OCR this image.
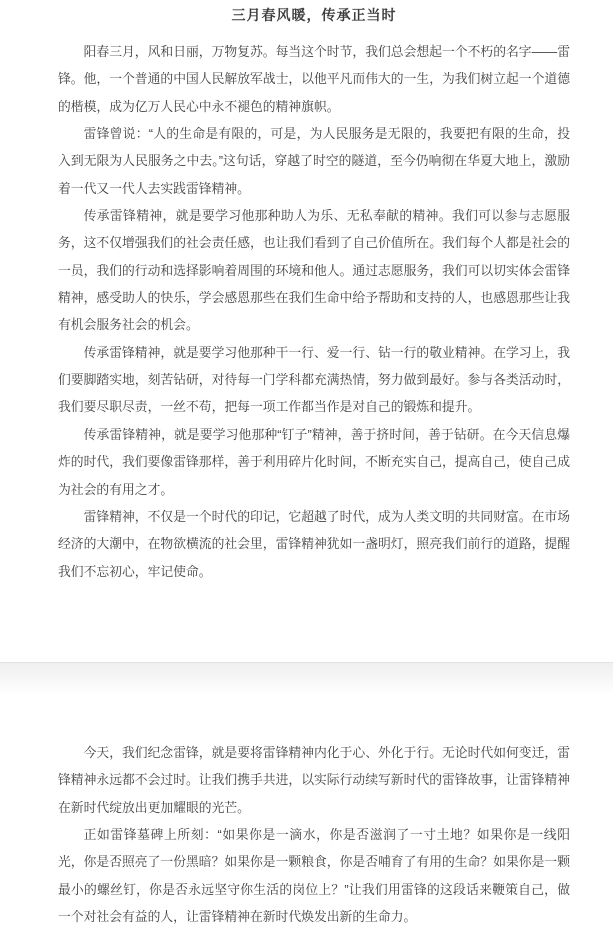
三月春风暖，传承正当时

阳春三月，风和日丽，万物复苏。每当这个时节，我们总会想起一个不朽的名字——雷锋。他，一个普通的中国人民解放军战士，以他平凡而伟大的一生，为我们树立起一个道德的楷模，成为亿万人民心中永不褪色的精神旗帜。

雷锋曾说：“人的生命是有限的，可是，为人民服务是无限的，我要把有限的生命，投入到无限为人民服务之中去。”这句话，穿越了时空的隧道，至今仍响彻在华夏大地上，激励着一代又一代人去实践雷锋精神。

传承雷锋精神，就是要学习他那种助人为乐、无私奉献的精神。我们可以参与志愿服务，这不仅增强我们的社会责任感，也让我们看到了自己价值所在。我们每个人都是社会的一员，我们的行动和选择影响着周围的环境和他人。通过志愿服务，我们可以切实体会雷锋精神，感受助人的快乐，学会感恩那些在我们生命中给予帮助和支持的人，也感恩那些让我有机会服务社会的机会。

传承雷锋精神，就是要学习他那种干一行、爱一行、钻一行的敬业精神。在学习上，我们要脚踏实地，刻苦钻研，对待每一门学科都充满热情，努力做到最好。参与各类活动时，我们要尽职尽责，一丝不苟，把每一项工作都当作是对自己的锻炼和提升。

传承雷锋精神，就是要学习他那种“钉子”精神，善于挤时间，善于钻研。在今天信息爆炸的时代，我们要像雷锋那样，善于利用碎片化时间，不断充实自己，提高自己，使自己成为社会的有用之才。

雷锋精神，不仅是一个时代的印记，它超越了时代，成为人类文明的共同财富。在市场经济的大潮中，在物欲横流的社会里，雷锋精神犹如一盏明灯，照亮我们前行的道路，提醒我们不忘初心，牢记使命。

今天，我们纪念雷锋，就是要将雷锋精神内化于心、外化于行。无论时代如何变迁，雷锋精神永远都不会过时。让我们携手共进，以实际行动续写新时代的雷锋故事，让雷锋精神在新时代绽放出更加耀眼的光芒。

正如雷锋墓碑上所刻：“如果你是一滴水，你是否滋润了一寸土地？如果你是一线阳光，你是否照亮了一份黑暗？如果你是一颗粮食，你是否哺育了有用的生命？如果你是一颗最小的螺丝钉，你是否永远坚守你生活的岗位上？”让我们用雷锋的这段话来鞭策自己，做一个对社会有益的人，让雷锋精神在新时代焕发出新的生命力。
